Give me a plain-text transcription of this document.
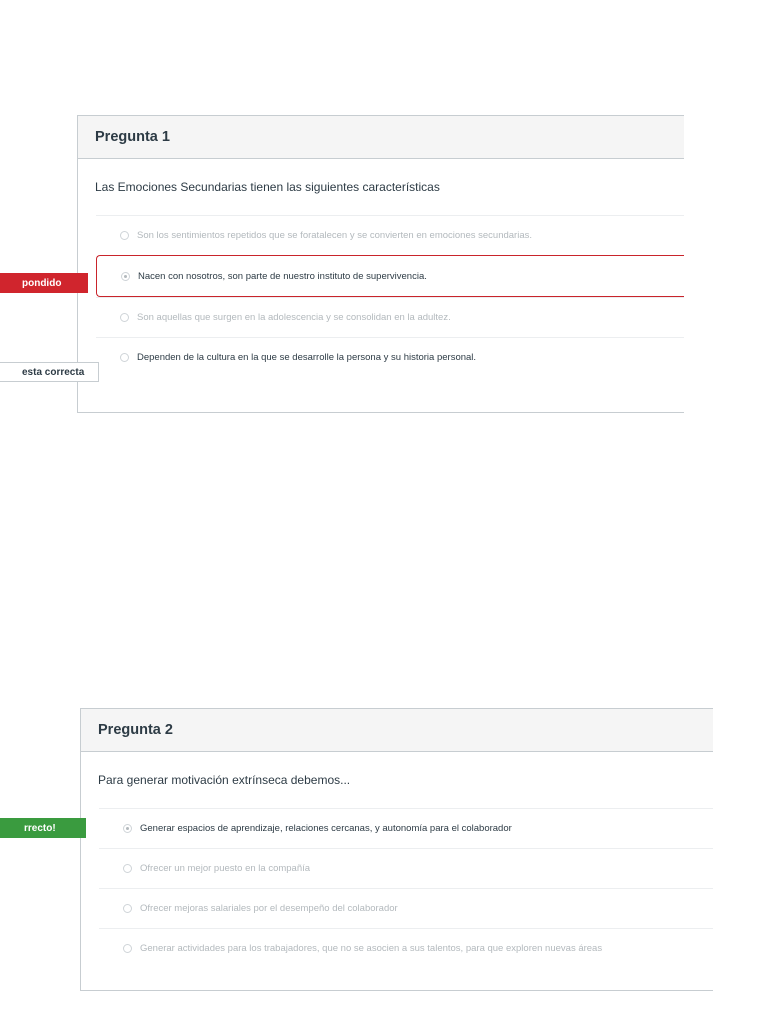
Pregunta 1
Las Emociones Secundarias tienen las siguientes características
Son los sentimientos repetidos que se foratalecen y se convierten en emociones secundarias.
Nacen con nosotros, son parte de nuestro instituto de supervivencia.
Son aquellas que surgen en la adolescencia y se consolidan en la adultez.
Dependen de la cultura en la que se desarrolle la persona y su historia personal.
pondido
esta correcta
Pregunta 2
Para generar motivación extrínseca debemos...
Generar espacios de aprendizaje, relaciones cercanas, y autonomía para el colaborador
Ofrecer un mejor puesto en la compañía
Ofrecer mejoras salariales por el desempeño del colaborador
Generar actividades para los trabajadores, que no se asocien a sus talentos, para que exploren nuevas áreas
rrecto!
